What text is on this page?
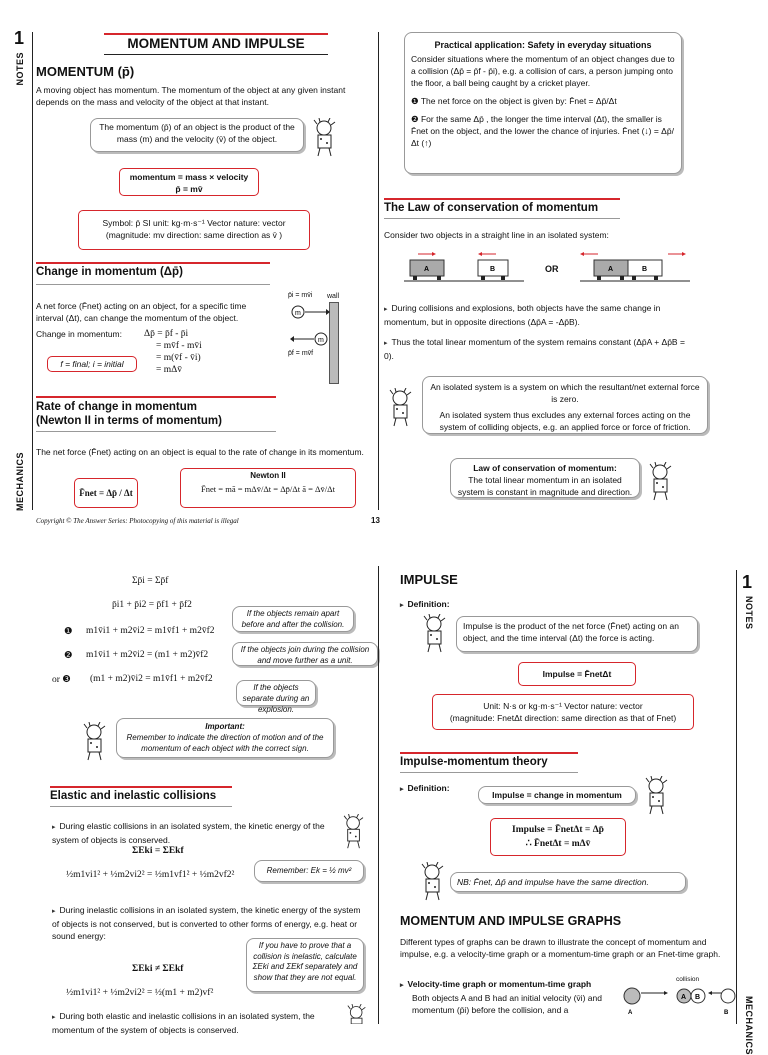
1
NOTES
MECHANICS
MOMENTUM AND IMPULSE
MOMENTUM (p̄)
A moving object has momentum. The momentum of the object at any given instant depends on the mass and velocity of the object at that instant.
The momentum (p̄) of an object is the product of the mass (m) and the velocity (v̄) of the object.
momentum = mass × velocity
p̄ = mv̄
Symbol: p̄ SI unit: kg·m·s⁻¹ Vector nature: vector
(magnitude: mv direction: same direction as v̄ )
Change in momentum (Δp̄)
A net force (F̄net) acting on an object, for a specific time interval (Δt), can change the momentum of the object.
Change in momentum: Δp̄ = p̄f - p̄i
= mv̄f - mv̄i
= m(v̄f - v̄i)
= mΔv̄
f = final; i = initial
wall
p̄i = mv̄i
m
m
p̄f = mv̄f
Rate of change in momentum
(Newton II in terms of momentum)
The net force (F̄net) acting on an object is equal to the rate of change in its momentum.
F̄net = Δp̄ / Δt
Newton II
F̄net = mā = mΔv̄/Δt = Δp̄/Δt ā = Δv̄/Δt
Copyright © The Answer Series: Photocopying of this material is illegal	13
Practical application: Safety in everyday situations
Consider situations where the momentum of an object changes due to a collision (Δp̄ = p̄f - p̄i), e.g. a collision of cars, a person jumping onto the floor, a ball being caught by a cricket player.
❶ The net force on the object is given by: F̄net = Δp̄/Δt
❷ For the same Δp̄ , the longer the time interval (Δt), the smaller is F̄net on the object, and the lower the chance of injuries. F̄net (↓) = Δp̄/Δt (↑)
The Law of conservation of momentum
Consider two objects in a straight line in an isolated system:
A	B	OR	A	B
▸ During collisions and explosions, both objects have the same change in momentum, but in opposite directions (Δp̄A = -Δp̄B).
▸ Thus the total linear momentum of the system remains constant (Δp̄A + Δp̄B = 0).
An isolated system is a system on which the resultant/net external force is zero.
An isolated system thus excludes any external forces acting on the system of colliding objects, e.g. an applied force or force of friction.
Law of conservation of momentum:
The total linear momentum in an isolated system is constant in magnitude and direction.
Σp̄i = Σp̄f
p̄i1 + p̄i2 = p̄f1 + p̄f2
❶ m1v̄i1 + m2v̄i2 = m1v̄f1 + m2v̄f2
If the objects remain apart before and after the collision.
❷ m1v̄i1 + m2v̄i2 = (m1 + m2)v̄f2
If the objects join during the collision and move further as a unit.
or ❸ (m1 + m2)v̄i2 = m1v̄f1 + m2v̄f2
If the objects separate during an explosion.
Important:
Remember to indicate the direction of motion and of the momentum of each object with the correct sign.
Elastic and inelastic collisions
▸ During elastic collisions in an isolated system, the kinetic energy of the system of objects is conserved.
ΣEki = ΣEkf
½m1vi1² + ½m2vi2² = ½m1vf1² + ½m2vf2²	Remember: Ek = ½ mv²
▸ During inelastic collisions in an isolated system, the kinetic energy of the system of objects is not conserved, but is converted to other forms of energy, e.g. heat or sound energy:
ΣEki ≠ ΣEkf
½m1vi1² + ½m2vi2² = ½(m1 + m2)vf²
If you have to prove that a collision is inelastic, calculate ΣEki and ΣEkf separately and show that they are not equal.
▸ During both elastic and inelastic collisions in an isolated system, the momentum of the system of objects is conserved.
IMPULSE	1
NOTES
MECHANICS
▸ Definition:
Impulse is the product of the net force (F̄net) acting on an object, and the time interval (Δt) the force is acting.
Impulse = F̄netΔt
Unit: N·s or kg·m·s⁻¹ Vector nature: vector
(magnitude: FnetΔt direction: same direction as that of Fnet)
Impulse-momentum theory
▸ Definition:
Impulse = change in momentum
Impulse = F̄netΔt = Δp̄
∴ F̄netΔt = mΔv̄
NB: F̄net, Δp̄ and impulse have the same direction.
MOMENTUM AND IMPULSE GRAPHS
Different types of graphs can be drawn to illustrate the concept of momentum and impulse, e.g. a velocity-time graph or a momentum-time graph or an Fnet-time graph.
▸ Velocity-time graph or momentum-time graph
Both objects A and B had an initial velocity (v̄i) and momentum (p̄i) before the collision, and a
collision
A B
A	B
